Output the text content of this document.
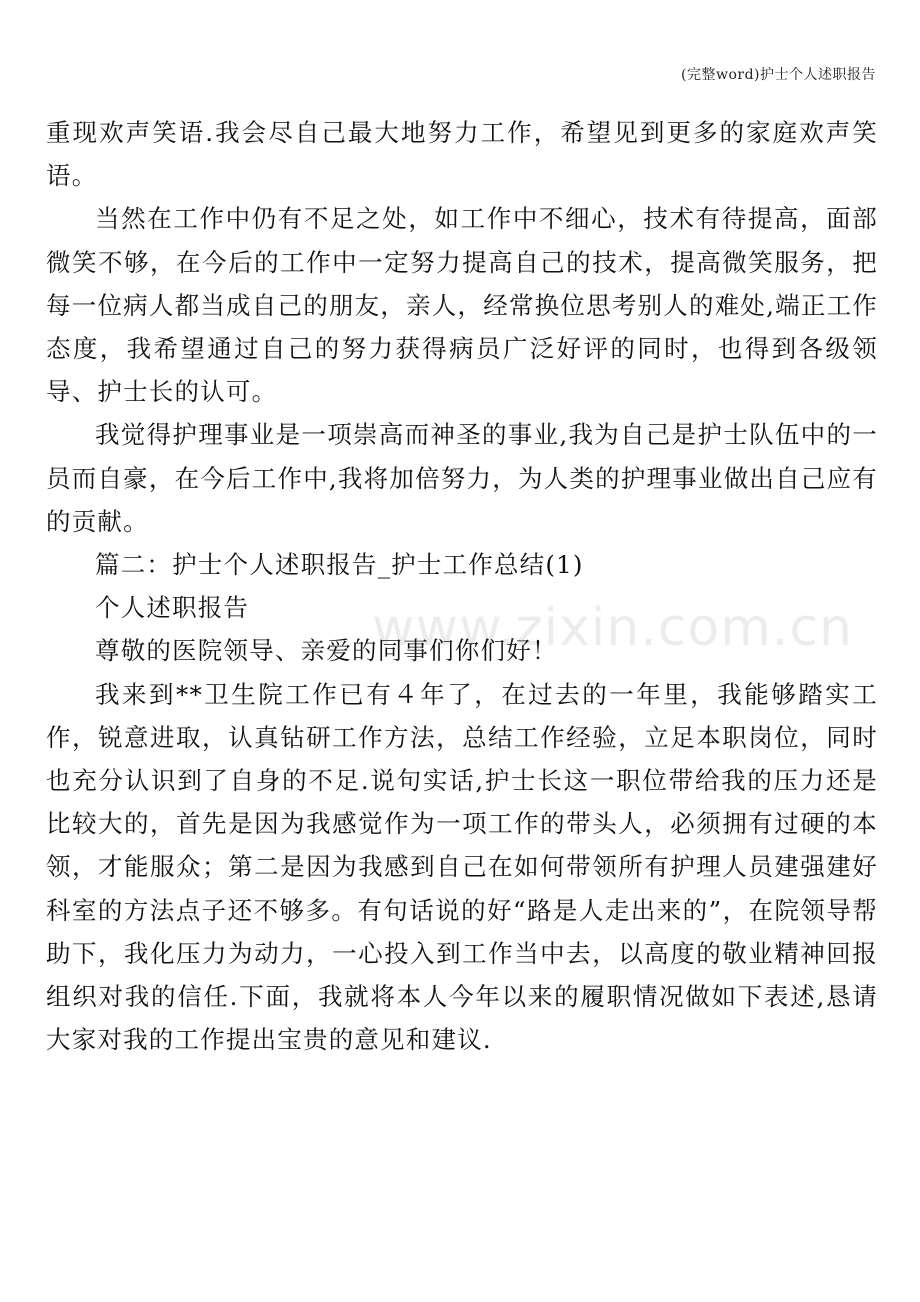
(完整word)护士个人述职报告
www.zixin.com.cn

重现欢声笑语.我会尽自己最大地努力工作，希望见到更多的家庭欢声笑语。

当然在工作中仍有不足之处，如工作中不细心，技术有待提高，面部微笑不够，在今后的工作中一定努力提高自己的技术，提高微笑服务，把每一位病人都当成自己的朋友，亲人，经常换位思考别人的难处,端正工作态度，我希望通过自己的努力获得病员广泛好评的同时，也得到各级领导、护士长的认可。

我觉得护理事业是一项崇高而神圣的事业,我为自己是护士队伍中的一员而自豪，在今后工作中,我将加倍努力，为人类的护理事业做出自己应有的贡献。

篇二：护士个人述职报告_护士工作总结(1)

个人述职报告

尊敬的医院领导、亲爱的同事们你们好！

我来到**卫生院工作已有４年了，在过去的一年里，我能够踏实工作，锐意进取，认真钻研工作方法，总结工作经验，立足本职岗位，同时也充分认识到了自身的不足.说句实话,护士长这一职位带给我的压力还是比较大的，首先是因为我感觉作为一项工作的带头人，必须拥有过硬的本领，才能服众；第二是因为我感到自己在如何带领所有护理人员建强建好科室的方法点子还不够多。有句话说的好“路是人走出来的”，在院领导帮助下，我化压力为动力，一心投入到工作当中去，以高度的敬业精神回报组织对我的信任.下面，我就将本人今年以来的履职情况做如下表述,恳请大家对我的工作提出宝贵的意见和建议.
